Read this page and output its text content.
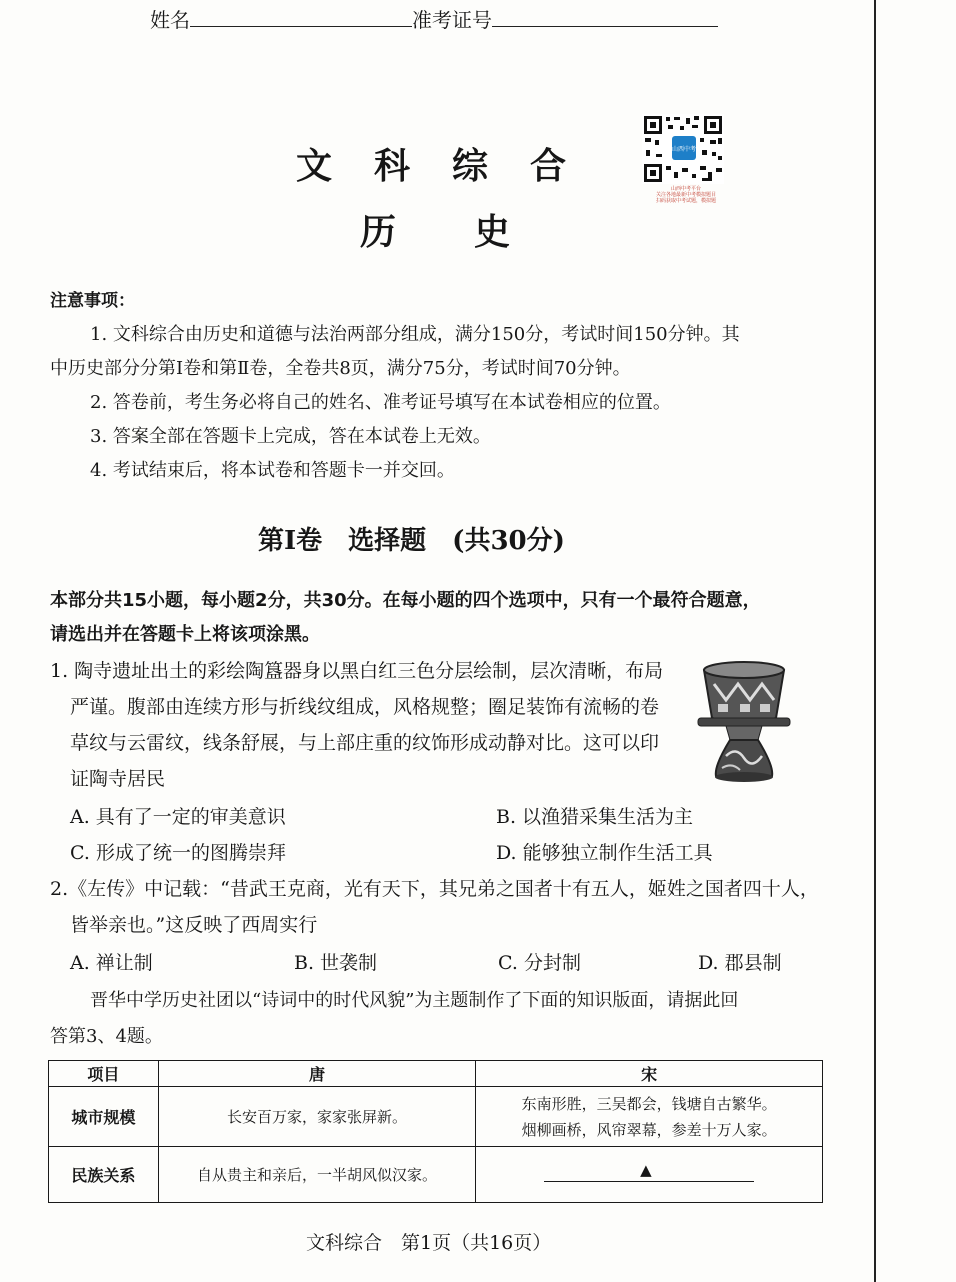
姓名	准考证号
文科综合
历史
山西中考
山西中考平台
关注各地最新中考模拟题目
扫码获取中考试题，模拟题
注意事项：
1. 文科综合由历史和道德与法治两部分组成，满分150分，考试时间150分钟。其
中历史部分分第Ⅰ卷和第Ⅱ卷，全卷共8页，满分75分，考试时间70分钟。
2. 答卷前，考生务必将自己的姓名、准考证号填写在本试卷相应的位置。
3. 答案全部在答题卡上完成，答在本试卷上无效。
4. 考试结束后，将本试卷和答题卡一并交回。
第Ⅰ卷　选择题　(共30分)
本部分共15小题，每小题2分，共30分。在每小题的四个选项中，只有一个最符合题意，
请选出并在答题卡上将该项涂黑。
1. 陶寺遗址出土的彩绘陶簋器身以黑白红三色分层绘制，层次清晰，布局
严谨。腹部由连续方形与折线纹组成，风格规整；圈足装饰有流畅的卷
草纹与云雷纹，线条舒展，与上部庄重的纹饰形成动静对比。这可以印
证陶寺居民
A. 具有了一定的审美意识	B. 以渔猎采集生活为主
C. 形成了统一的图腾崇拜	D. 能够独立制作生活工具
2.《左传》中记载：“昔武王克商，光有天下，其兄弟之国者十有五人，姬姓之国者四十人，
皆举亲也。”这反映了西周实行
A. 禅让制	B. 世袭制	C. 分封制	D. 郡县制
晋华中学历史社团以“诗词中的时代风貌”为主题制作了下面的知识版面，请据此回
答第3、4题。
项目	唐	宋
城市规模	长安百万家，家家张屏新。	东南形胜，三吴都会，钱塘自古繁华。
烟柳画桥，风帘翠幕，参差十万人家。

民族关系	自从贵主和亲后，一半胡风似汉家。	▲
文科综合　第1页（共16页）
